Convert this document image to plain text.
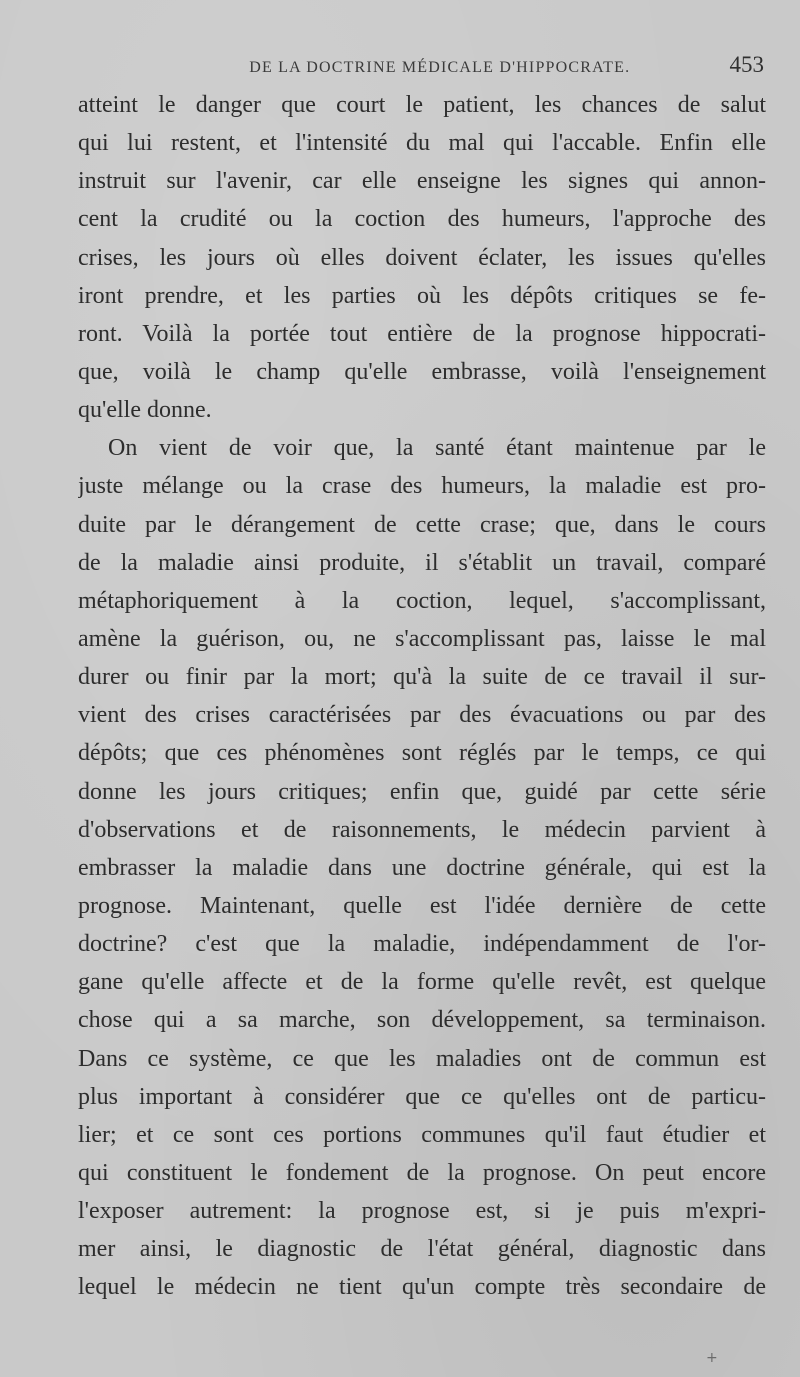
DE LA DOCTRINE MÉDICALE D'HIPPOCRATE.	453
atteint le danger que court le patient, les chances de salut
qui lui restent, et l'intensité du mal qui l'accable. Enfin elle
instruit sur l'avenir, car elle enseigne les signes qui annon-
cent la crudité ou la coction des humeurs, l'approche des
crises, les jours où elles doivent éclater, les issues qu'elles
iront prendre, et les parties où les dépôts critiques se fe-
ront. Voilà la portée tout entière de la prognose hippocrati-
que, voilà le champ qu'elle embrasse, voilà l'enseignement
qu'elle donne.
On vient de voir que, la santé étant maintenue par le
juste mélange ou la crase des humeurs, la maladie est pro-
duite par le dérangement de cette crase; que, dans le cours
de la maladie ainsi produite, il s'établit un travail, comparé
métaphoriquement à la coction, lequel, s'accomplissant,
amène la guérison, ou, ne s'accomplissant pas, laisse le mal
durer ou finir par la mort; qu'à la suite de ce travail il sur-
vient des crises caractérisées par des évacuations ou par des
dépôts; que ces phénomènes sont réglés par le temps, ce qui
donne les jours critiques; enfin que, guidé par cette série
d'observations et de raisonnements, le médecin parvient à
embrasser la maladie dans une doctrine générale, qui est la
prognose. Maintenant, quelle est l'idée dernière de cette
doctrine? c'est que la maladie, indépendamment de l'or-
gane qu'elle affecte et de la forme qu'elle revêt, est quelque
chose qui a sa marche, son développement, sa terminaison.
Dans ce système, ce que les maladies ont de commun est
plus important à considérer que ce qu'elles ont de particu-
lier; et ce sont ces portions communes qu'il faut étudier et
qui constituent le fondement de la prognose. On peut encore
l'exposer autrement: la prognose est, si je puis m'expri-
mer ainsi, le diagnostic de l'état général, diagnostic dans
lequel le médecin ne tient qu'un compte très secondaire de
+
